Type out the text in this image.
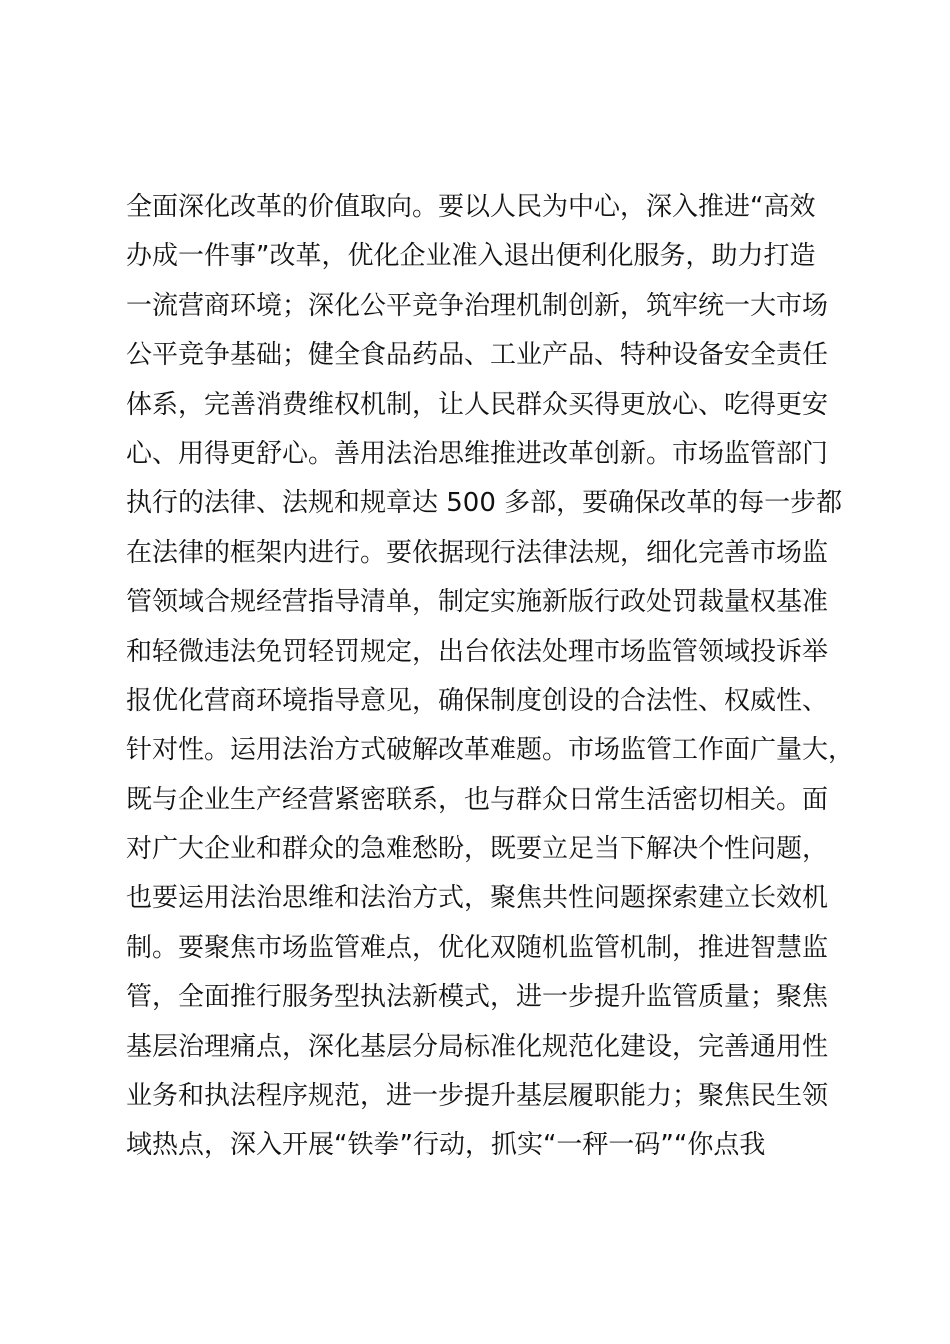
全面深化改革的价值取向。要以人民为中心，深入推进“高效
办成一件事”改革，优化企业准入退出便利化服务，助力打造
一流营商环境；深化公平竞争治理机制创新，筑牢统一大市场
公平竞争基础；健全食品药品、工业产品、特种设备安全责任
体系，完善消费维权机制，让人民群众买得更放心、吃得更安
心、用得更舒心。善用法治思维推进改革创新。市场监管部门
执行的法律、法规和规章达 500 多部，要确保改革的每一步都
在法律的框架内进行。要依据现行法律法规，细化完善市场监
管领域合规经营指导清单，制定实施新版行政处罚裁量权基准
和轻微违法免罚轻罚规定，出台依法处理市场监管领域投诉举
报优化营商环境指导意见，确保制度创设的合法性、权威性、
针对性。运用法治方式破解改革难题。市场监管工作面广量大，
既与企业生产经营紧密联系，也与群众日常生活密切相关。面
对广大企业和群众的急难愁盼，既要立足当下解决个性问题，
也要运用法治思维和法治方式，聚焦共性问题探索建立长效机
制。要聚焦市场监管难点，优化双随机监管机制，推进智慧监
管，全面推行服务型执法新模式，进一步提升监管质量；聚焦
基层治理痛点，深化基层分局标准化规范化建设，完善通用性
业务和执法程序规范，进一步提升基层履职能力；聚焦民生领
域热点，深入开展“铁拳”行动，抓实“一秤一码”“你点我
